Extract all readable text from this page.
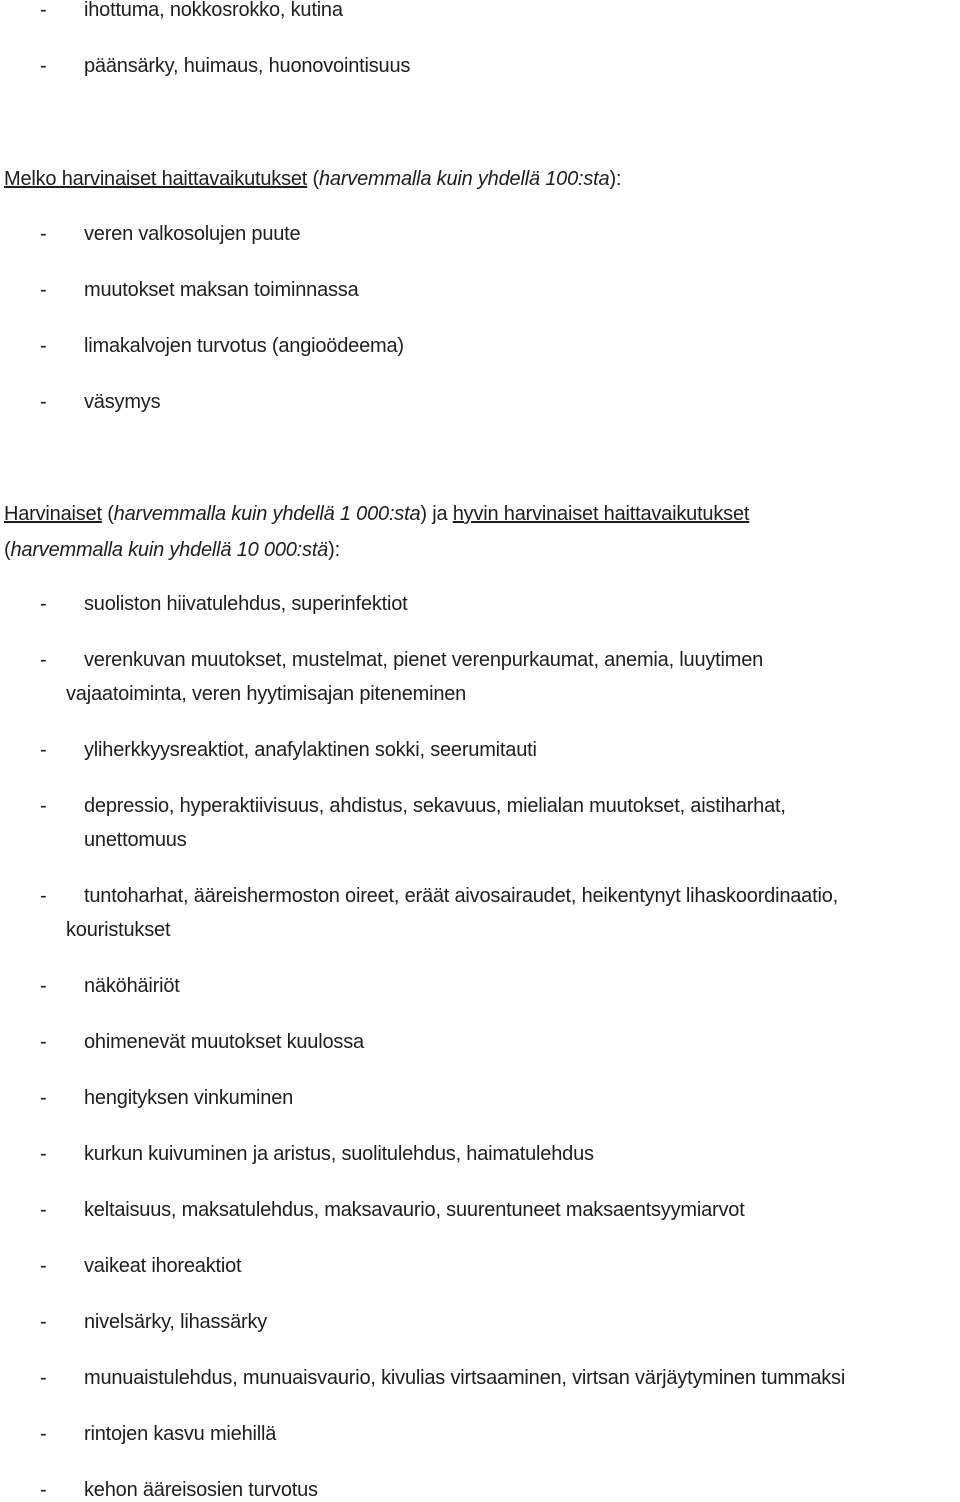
- ihottuma, nokkosrokko, kutina
- päänsärky, huimaus, huonovointisuus
Melko harvinaiset haittavaikutukset (harvemmalla kuin yhdellä 100:sta):
- veren valkosolujen puute
- muutokset maksan toiminnassa
- limakalvojen turvotus (angioödeema)
- väsymys
Harvinaiset (harvemmalla kuin yhdellä 1 000:sta) ja hyvin harvinaiset haittavaikutukset
(harvemmalla kuin yhdellä 10 000:stä):
- suoliston hiivatulehdus, superinfektiot
- verenkuvan muutokset, mustelmat, pienet verenpurkaumat, anemia, luuytimen
vajaatoiminta, veren hyytimisajan piteneminen
- yliherkkyysreaktiot, anafylaktinen sokki, seerumitauti
- depressio, hyperaktiivisuus, ahdistus, sekavuus, mielialan muutokset, aistiharhat,
unettomuus
- tuntoharhat, ääreishermoston oireet, eräät aivosairaudet, heikentynyt lihaskoordinaatio,
kouristukset
- näköhäiriöt
- ohimenevät muutokset kuulossa
- hengityksen vinkuminen
- kurkun kuivuminen ja aristus, suolitulehdus, haimatulehdus
- keltaisuus, maksatulehdus, maksavaurio, suurentuneet maksaentsyymiarvot
- vaikeat ihoreaktiot
- nivelsärky, lihassärky
- munuaistulehdus, munuaisvaurio, kivulias virtsaaminen, virtsan värjäytyminen tummaksi
- rintojen kasvu miehillä
- kehon ääreisosien turvotus
